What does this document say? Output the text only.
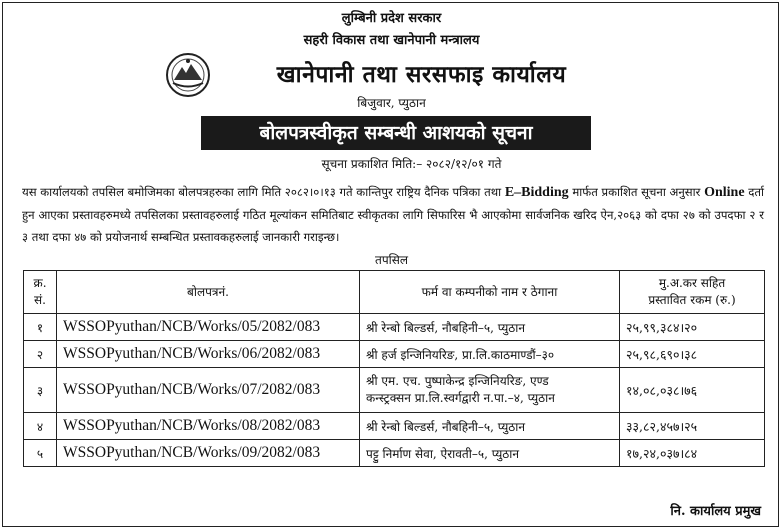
लुम्बिनी प्रदेश सरकार
सहरी विकास तथा खानेपानी मन्त्रालय
खानेपानी तथा सरसफाइ कार्यालय
बिजुवार, प्युठान
बोलपत्रस्वीकृत सम्बन्धी आशयको सूचना
सूचना प्रकाशित मिति:– २०८२/१२/०१ गते
यस कार्यालयको तपसिल बमोजिमका बोलपत्रहरुका लागि मिति २०८२।०।१३ गते कान्तिपुर राष्ट्रिय दैनिक पत्रिका तथा E–Bidding मार्फत प्रकाशित सूचना अनुसार Online दर्ता हुन आएका प्रस्तावहरुमध्ये तपसिलका प्रस्तावहरुलाई गठित मूल्यांकन समितिबाट स्वीकृतका लागि सिफारिस भै आएकोमा सार्वजनिक खरिद ऐन,२०६३ को दफा २७ को उपदफा २ र ३ तथा दफा ४७ को प्रयोजनार्थ सम्बन्धित प्रस्तावकहरुलाई जानकारी गराइन्छ।
तपसिल
क्र.
सं.	बोलपत्रनं.	फर्म वा कम्पनीको नाम र ठेगाना	मु.अ.कर सहित
प्रस्तावित रकम (रु.)

१	WSSOPyuthan/NCB/Works/05/2082/083	श्री रेन्बो बिल्डर्स, नौबहिनी–५, प्युठान	२५,९९,३८४।२०
२	WSSOPyuthan/NCB/Works/06/2082/083	श्री हर्ज इन्जिनियरिङ, प्रा.लि.काठमाण्डौं–३०	२५,९८,६९०।३८
३	WSSOPyuthan/NCB/Works/07/2082/083	श्री एम. एच. पुष्पाकेन्द्र इन्जिनियरिङ, एण्ड
कन्स्ट्रक्सन प्रा.लि.स्वर्गद्वारी न.पा.–४, प्युठान	१४,०८,०३८।७६
४	WSSOPyuthan/NCB/Works/08/2082/083	श्री रेन्बो बिल्डर्स, नौबहिनी–५, प्युठान	३३,८२,४५७।२५
५	WSSOPyuthan/NCB/Works/09/2082/083	पट्टु निर्माण सेवा, ऐरावती–५, प्युठान	१७,२४,०३७।८४
नि. कार्यालय प्रमुख
